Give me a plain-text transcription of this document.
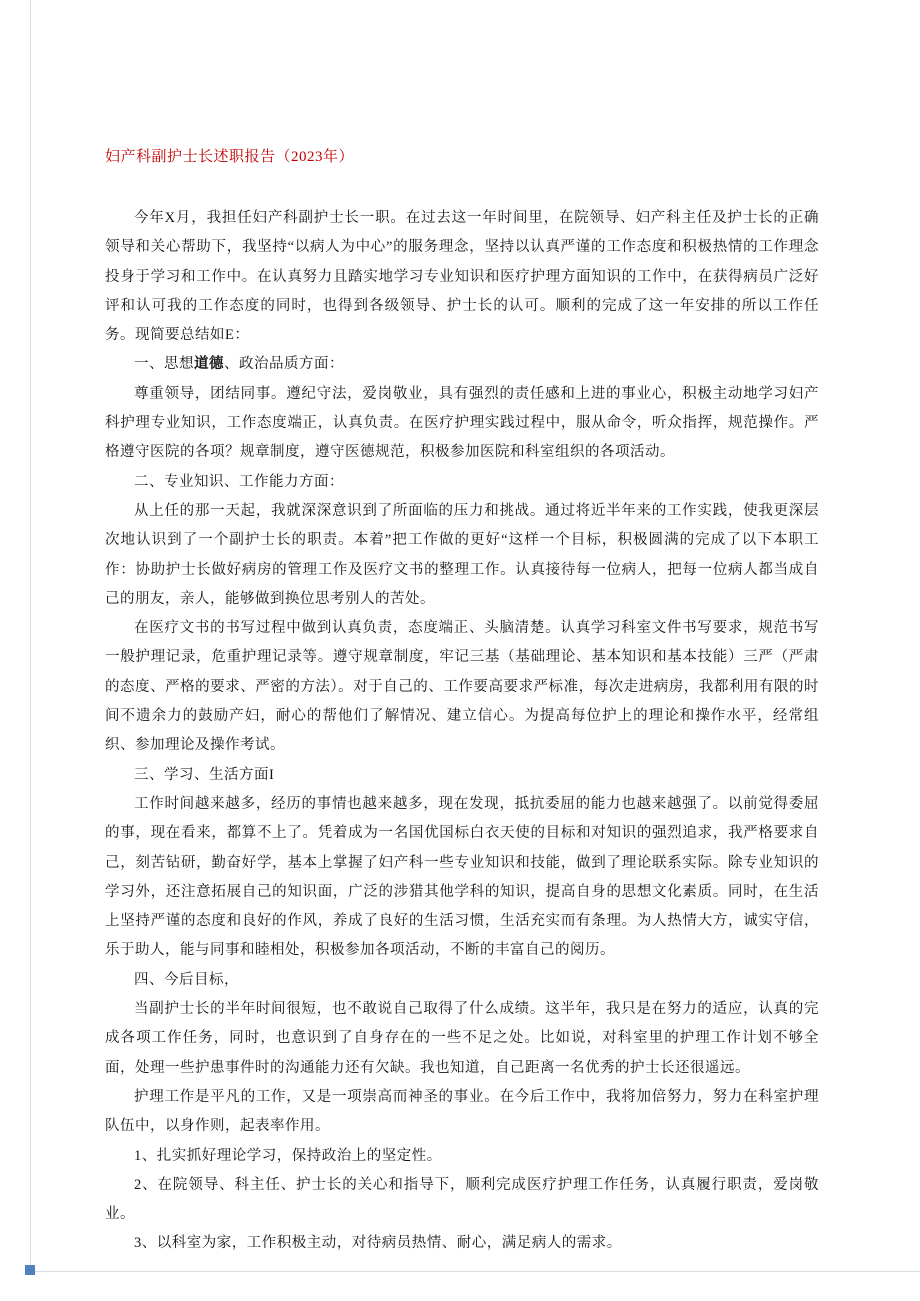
妇产科副护士长述职报告（2023年）

今年X月，我担任妇产科副护士长一职。在过去这一年时间里，在院领导、妇产科主任及护士长的正确领导和关心帮助下，我坚持“以病人为中心”的服务理念，坚持以认真严谨的工作态度和积极热情的工作理念投身于学习和工作中。在认真努力且踏实地学习专业知识和医疗护理方面知识的工作中，在获得病员广泛好评和认可我的工作态度的同时，也得到各级领导、护士长的认可。顺利的完成了这一年安排的所以工作任务。现简要总结如E：

一、思想道德、政治品质方面：

尊重领导，团结同事。遵纪守法，爱岗敬业，具有强烈的责任感和上进的事业心，积极主动地学习妇产科护理专业知识，工作态度端正，认真负责。在医疗护理实践过程中，服从命令，听众指挥，规范操作。严格遵守医院的各项？规章制度，遵守医德规范，积极参加医院和科室组织的各项活动。

二、专业知识、工作能力方面：

从上任的那一天起，我就深深意识到了所面临的压力和挑战。通过将近半年来的工作实践，使我更深层次地认识到了一个副护士长的职责。本着”把工作做的更好“这样一个目标，积极圆满的完成了以下本职工作：协助护士长做好病房的管理工作及医疗文书的整理工作。认真接待每一位病人，把每一位病人都当成自己的朋友，亲人，能够做到换位思考别人的苦处。

在医疗文书的书写过程中做到认真负责，态度端正、头脑清楚。认真学习科室文件书写要求，规范书写一般护理记录，危重护理记录等。遵守规章制度，牢记三基（基础理论、基本知识和基本技能）三严（严肃的态度、严格的要求、严密的方法）。对于自己的、工作要高要求严标准，每次走进病房，我都利用有限的时间不遗余力的鼓励产妇，耐心的帮他们了解情况、建立信心。为提高每位护上的理论和操作水平，经常组织、参加理论及操作考试。

三、学习、生活方面I

工作时间越来越多，经历的事情也越来越多，现在发现，抵抗委屈的能力也越来越强了。以前觉得委屈的事，现在看来，都算不上了。凭着成为一名国优国标白衣天使的目标和对知识的强烈追求，我严格要求自己，刻苦钻研，勤奋好学，基本上掌握了妇产科一些专业知识和技能，做到了理论联系实际。除专业知识的学习外，还注意拓展自己的知识面，广泛的涉猎其他学科的知识，提高自身的思想文化素质。同时，在生活上坚持严谨的态度和良好的作风，养成了良好的生活习惯，生活充实而有条理。为人热情大方，诚实守信，乐于助人，能与同事和睦相处，积极参加各项活动，不断的丰富自己的阅历。

四、今后目标，

当副护士长的半年时间很短，也不敢说自己取得了什么成绩。这半年，我只是在努力的适应，认真的完成各项工作任务，同时，也意识到了自身存在的一些不足之处。比如说，对科室里的护理工作计划不够全面，处理一些护患事件时的沟通能力还有欠缺。我也知道，自己距离一名优秀的护士长还很遥远。

护理工作是平凡的工作，又是一项崇高而神圣的事业。在今后工作中，我将加倍努力，努力在科室护理队伍中，以身作则，起表率作用。

1、扎实抓好理论学习，保持政治上的坚定性。

2、在院领导、科主任、护士长的关心和指导下，顺利完成医疗护理工作任务，认真履行职责，爱岗敬业。

3、以科室为家，工作积极主动，对待病员热情、耐心，满足病人的需求。
